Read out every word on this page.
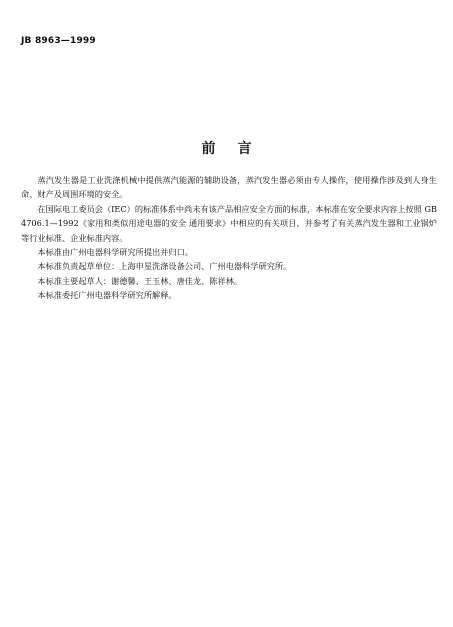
JB 8963—1999
前言

蒸汽发生器是工业洗涤机械中提供蒸汽能源的辅助设备，蒸汽发生器必须由专人操作，使用操作涉及到人身生命、财产及周围环境的安全。

在国际电工委员会（IEC）的标准体系中尚未有该产品相应安全方面的标准，本标准在安全要求内容上按照 GB 4706.1—1992《家用和类似用途电器的安全 通用要求》中相应的有关项目，并参考了有关蒸汽发生器和工业锅炉等行业标准、企业标准内容。

本标准由广州电器科学研究所提出并归口。

本标准负责起草单位：上海申星洗涤设备公司、广州电器科学研究所。

本标准主要起草人：谢德馨、王玉林、唐佳龙、陈祥林。

本标准委托广州电器科学研究所解释。
